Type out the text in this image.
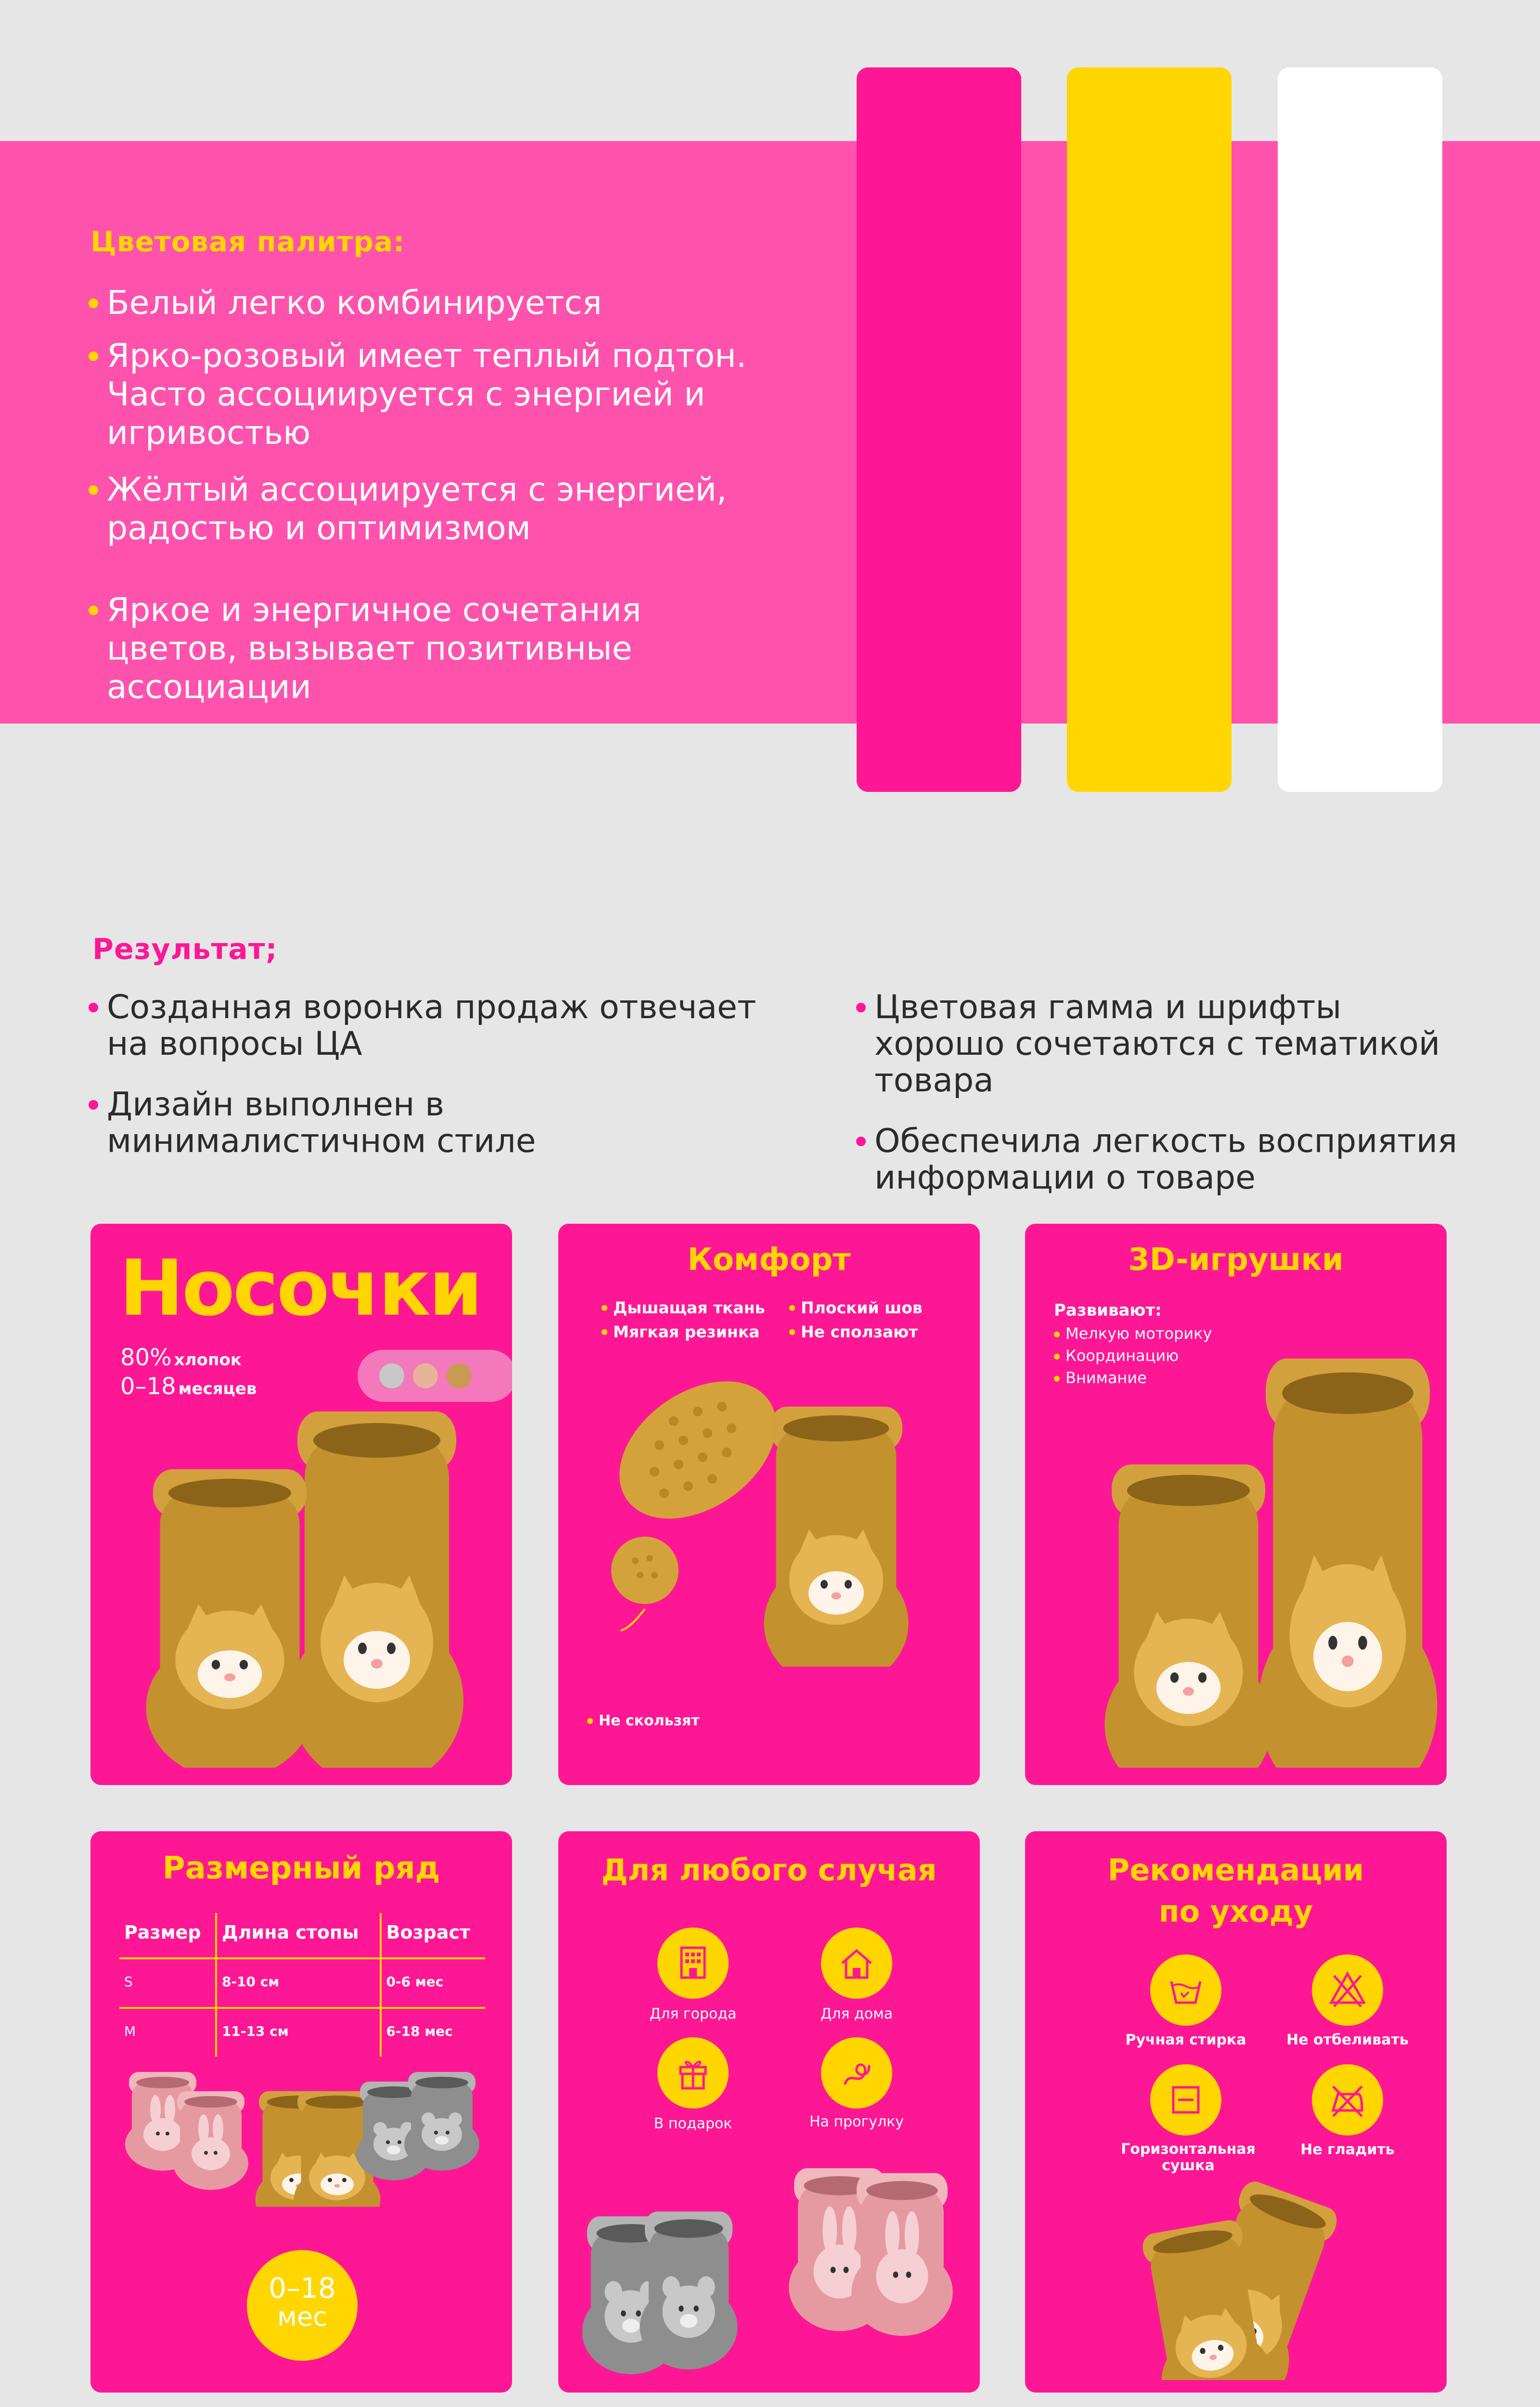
Цветовая палитра:
Белый легко комбинируется
Ярко-розовый имеет теплый подтон. Часто ассоциируется с энергией и игривостью
Жёлтый ассоциируется с энергией, радостью и оптимизмом
Яркое и энергичное сочетания цветов, вызывает позитивные ассоциации
Результат;
Созданная воронка продаж отвечает на вопросы ЦА
Дизайн выполнен в минималистичном стиле
Цветовая гамма и шрифты хорошо сочетаются с тематикой товара
Обеспечила легкость восприятия информации о товаре
Носочки
80% хлопок
0–18 месяцев
Комфорт
Дышащая ткань
Мягкая резинка
Плоский шов
Не сползают
Не скользят
3D-игрушки
Развивают:
Мелкую моторику
Координацию
Внимание
Размерный ряд
Размер	Длина стопы	Возраст
S	8-10 см	0-6 мес
M	11-13 см	6-18 мес
0–18
мес
Для любого случая
Для города	Для дома
В подарок	На прогулку
Рекомендации
по уходу
Ручная стирка	Не отбеливать
Горизонтальная сушка
Не гладить
